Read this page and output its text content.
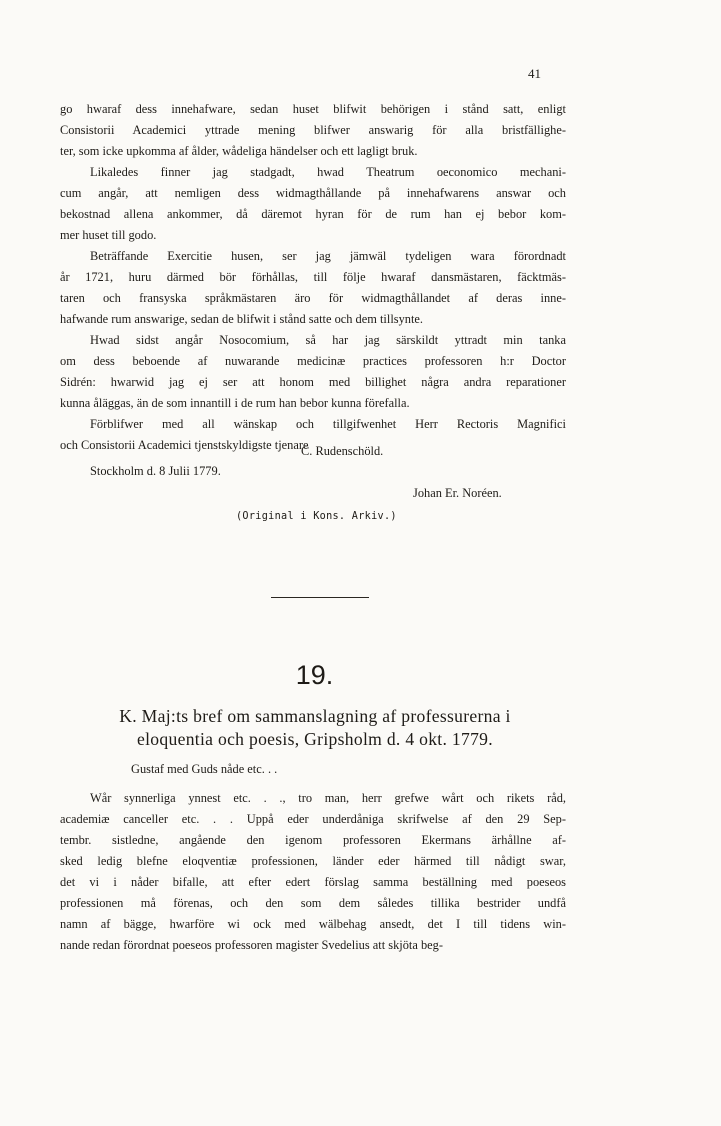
41

go hwaraf dess innehafware, sedan huset blifwit behörigen i stånd satt, enligt
Consistorii Academici yttrade mening blifwer answarig för alla bristfällighe-
ter, som icke upkomma af ålder, wådeliga händelser och ett lagligt bruk.

Likaledes finner jag stadgadt, hwad Theatrum oeconomico mechani-
cum angår, att nemligen dess widmagthållande på innehafwarens answar och
bekostnad allena ankommer, då däremot hyran för de rum han ej bebor kom-
mer huset till godo.

Beträffande Exercitie husen, ser jag jämwäl tydeligen wara förordnadt
år 1721, huru därmed bör förhållas, till följe hwaraf dansmästaren, fäcktmäs-
taren och fransyska språkmästaren äro för widmagthållandet af deras inne-
hafwande rum answarige, sedan de blifwit i stånd satte och dem tillsynte.

Hwad sidst angår Nosocomium, så har jag särskildt yttradt min tanka
om dess beboende af nuwarande medicinæ practices professoren h:r Doctor
Sidrén: hwarwid jag ej ser att honom med billighet några andra reparationer
kunna åläggas, än de som innantill i de rum han bebor kunna förefalla.

Förblifwer med all wänskap och tillgifwenhet Herr Rectoris Magnifici
och Consistorii Academici tjenstskyldigste tjenare

C. Rudenschöld.
Stockholm d. 8 Julii 1779.
Johan Er. Noréen.
(Original i Kons. Arkiv.)
19.
K. Maj:ts bref om sammanslagning af professurerna i
eloquentia och poesis, Gripsholm d. 4 okt. 1779.
Gustaf med Guds nåde etc. . .

Wår synnerliga ynnest etc. . ., tro man, herr grefwe wårt och rikets råd,
academiæ canceller etc. . . Uppå eder underdåniga skrifwelse af den 29 Sep-
tembr. sistledne, angående den igenom professoren Ekermans ärhållne af-
sked ledig blefne eloqventiæ professionen, länder eder härmed till nådigt swar,
det vi i nåder bifalle, att efter edert förslag samma beställning med poeseos
professionen må förenas, och den som dem således tillika bestrider undfå
namn af bägge, hwarföre wi ock med wälbehag ansedt, det I till tidens win-
nande redan förordnat poeseos professoren magister Svedelius att skjöta beg-
